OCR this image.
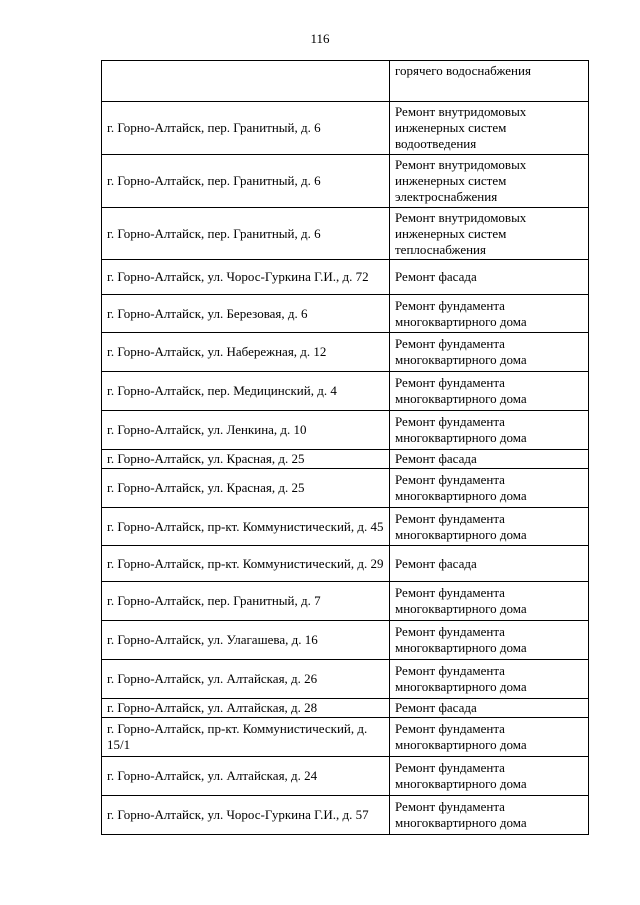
116
	горячего водоснабжения
г. Горно-Алтайск, пер. Гранитный, д. 6	Ремонт внутридомовых инженерных систем водоотведения
г. Горно-Алтайск, пер. Гранитный, д. 6	Ремонт внутридомовых инженерных систем электроснабжения
г. Горно-Алтайск, пер. Гранитный, д. 6	Ремонт внутридомовых инженерных систем теплоснабжения
г. Горно-Алтайск, ул. Чорос-Гуркина Г.И., д. 72	Ремонт фасада
г. Горно-Алтайск, ул. Березовая, д. 6	Ремонт фундамента многоквартирного дома
г. Горно-Алтайск, ул. Набережная, д. 12	Ремонт фундамента многоквартирного дома
г. Горно-Алтайск, пер. Медицинский, д. 4	Ремонт фундамента многоквартирного дома
г. Горно-Алтайск, ул. Ленкина, д. 10	Ремонт фундамента многоквартирного дома
г. Горно-Алтайск, ул. Красная, д. 25	Ремонт фасада
г. Горно-Алтайск, ул. Красная, д. 25	Ремонт фундамента многоквартирного дома
г. Горно-Алтайск, пр-кт. Коммунистический, д. 45	Ремонт фундамента многоквартирного дома
г. Горно-Алтайск, пр-кт. Коммунистический, д. 29	Ремонт фасада
г. Горно-Алтайск, пер. Гранитный, д. 7	Ремонт фундамента многоквартирного дома
г. Горно-Алтайск, ул. Улагашева, д. 16	Ремонт фундамента многоквартирного дома
г. Горно-Алтайск, ул. Алтайская, д. 26	Ремонт фундамента многоквартирного дома
г. Горно-Алтайск, ул. Алтайская, д. 28	Ремонт фасада
г. Горно-Алтайск, пр-кт. Коммунистический, д. 15/1	Ремонт фундамента многоквартирного дома
г. Горно-Алтайск, ул. Алтайская, д. 24	Ремонт фундамента многоквартирного дома
г. Горно-Алтайск, ул. Чорос-Гуркина Г.И., д. 57	Ремонт фундамента многоквартирного дома
